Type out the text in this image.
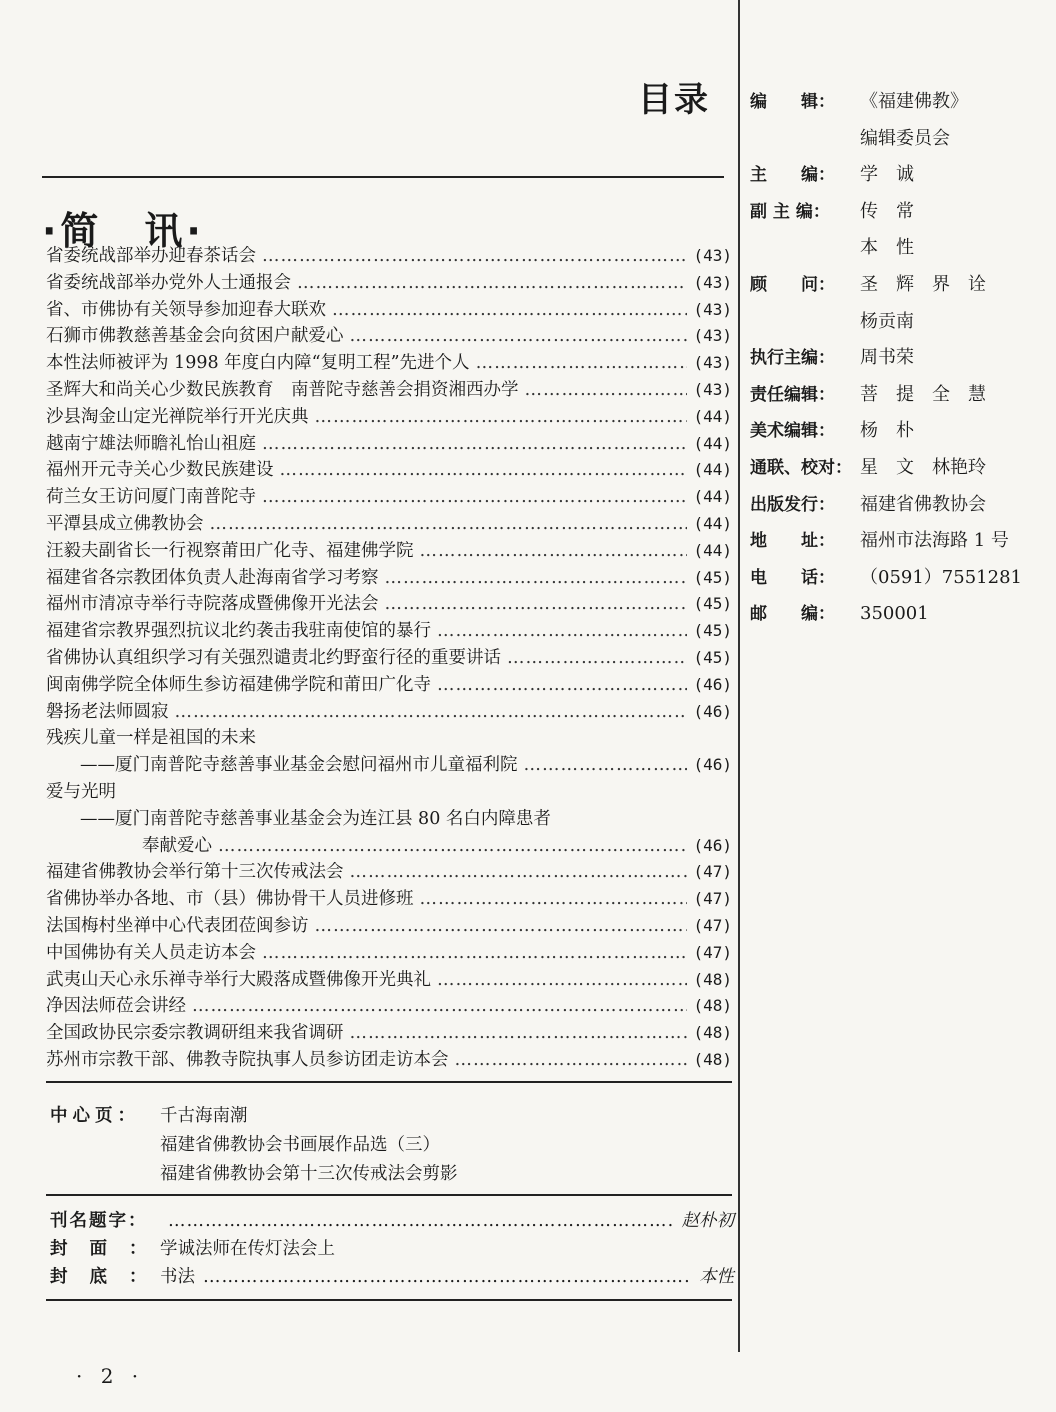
目录
·简　讯·
省委统战部举办迎春茶话会 ……………………………………………………………………………………………………………………………………	(43)
省委统战部举办党外人士通报会 ……………………………………………………………………………………………………………………………………	(43)
省、市佛协有关领导参加迎春大联欢 ……………………………………………………………………………………………………………………………………	(43)
石狮市佛教慈善基金会向贫困户献爱心 ……………………………………………………………………………………………………………………………………	(43)
本性法师被评为 1998 年度白内障“复明工程”先进个人 ……………………………………………………………………………………………………………………………………	(43)
圣辉大和尚关心少数民族教育　南普陀寺慈善会捐资湘西办学 ……………………………………………………………………………………………………………………………………	(43)
沙县淘金山定光禅院举行开光庆典 ……………………………………………………………………………………………………………………………………	(44)
越南宁雄法师瞻礼怡山祖庭 ……………………………………………………………………………………………………………………………………	(44)
福州开元寺关心少数民族建设 ……………………………………………………………………………………………………………………………………	(44)
荷兰女王访问厦门南普陀寺 ……………………………………………………………………………………………………………………………………	(44)
平潭县成立佛教协会 ……………………………………………………………………………………………………………………………………	(44)
汪毅夫副省长一行视察莆田广化寺、福建佛学院 ……………………………………………………………………………………………………………………………………	(44)
福建省各宗教团体负责人赴海南省学习考察 ……………………………………………………………………………………………………………………………………	(45)
福州市清凉寺举行寺院落成暨佛像开光法会 ……………………………………………………………………………………………………………………………………	(45)
福建省宗教界强烈抗议北约袭击我驻南使馆的暴行 ……………………………………………………………………………………………………………………………………	(45)
省佛协认真组织学习有关强烈谴责北约野蛮行径的重要讲话 ……………………………………………………………………………………………………………………………………	(45)
闽南佛学院全体师生参访福建佛学院和莆田广化寺 ……………………………………………………………………………………………………………………………………	(46)
磐扬老法师圆寂 ……………………………………………………………………………………………………………………………………	(46)
残疾儿童一样是祖国的未来
——厦门南普陀寺慈善事业基金会慰问福州市儿童福利院 ……………………………………………………………………………………………………………………………………	(46)
爱与光明
——厦门南普陀寺慈善事业基金会为连江县 80 名白内障患者
奉献爱心 ……………………………………………………………………………………………………………………………………	(46)
福建省佛教协会举行第十三次传戒法会 ……………………………………………………………………………………………………………………………………	(47)
省佛协举办各地、市（县）佛协骨干人员进修班 ……………………………………………………………………………………………………………………………………	(47)
法国梅村坐禅中心代表团莅闽参访 ……………………………………………………………………………………………………………………………………	(47)
中国佛协有关人员走访本会 ……………………………………………………………………………………………………………………………………	(47)
武夷山天心永乐禅寺举行大殿落成暨佛像开光典礼 ……………………………………………………………………………………………………………………………………	(48)
净因法师莅会讲经 ……………………………………………………………………………………………………………………………………	(48)
全国政协民宗委宗教调研组来我省调研 ……………………………………………………………………………………………………………………………………	(48)
苏州市宗教干部、佛教寺院执事人员参访团走访本会 ……………………………………………………………………………………………………………………………………	(48)
中心页： 千古海南潮
福建省佛教协会书画展作品选（三）
福建省佛教协会第十三次传戒法会剪影
刊名题字： ……………………………………………………………………………………………………	赵朴初
封面：
学诚法师在传灯法会上
封底：
书法 ……………………………………………………………………………………………………	本性
· 2 ·
编　　辑：	《福建佛教》
编辑委员会
主　　编：	学　诚
副 主 编：	传　常
本　性
顾　　问：	圣　辉　界　诠
杨贡南
执行主编：	周书荣
责任编辑：	菩　提　全　慧
美术编辑：	杨　朴
通联、校对： 星　文　林艳玲
出版发行：	福建省佛教协会
地　　址：	福州市法海路 1 号
电　　话：	（0591）7551281
邮　　编：	350001
